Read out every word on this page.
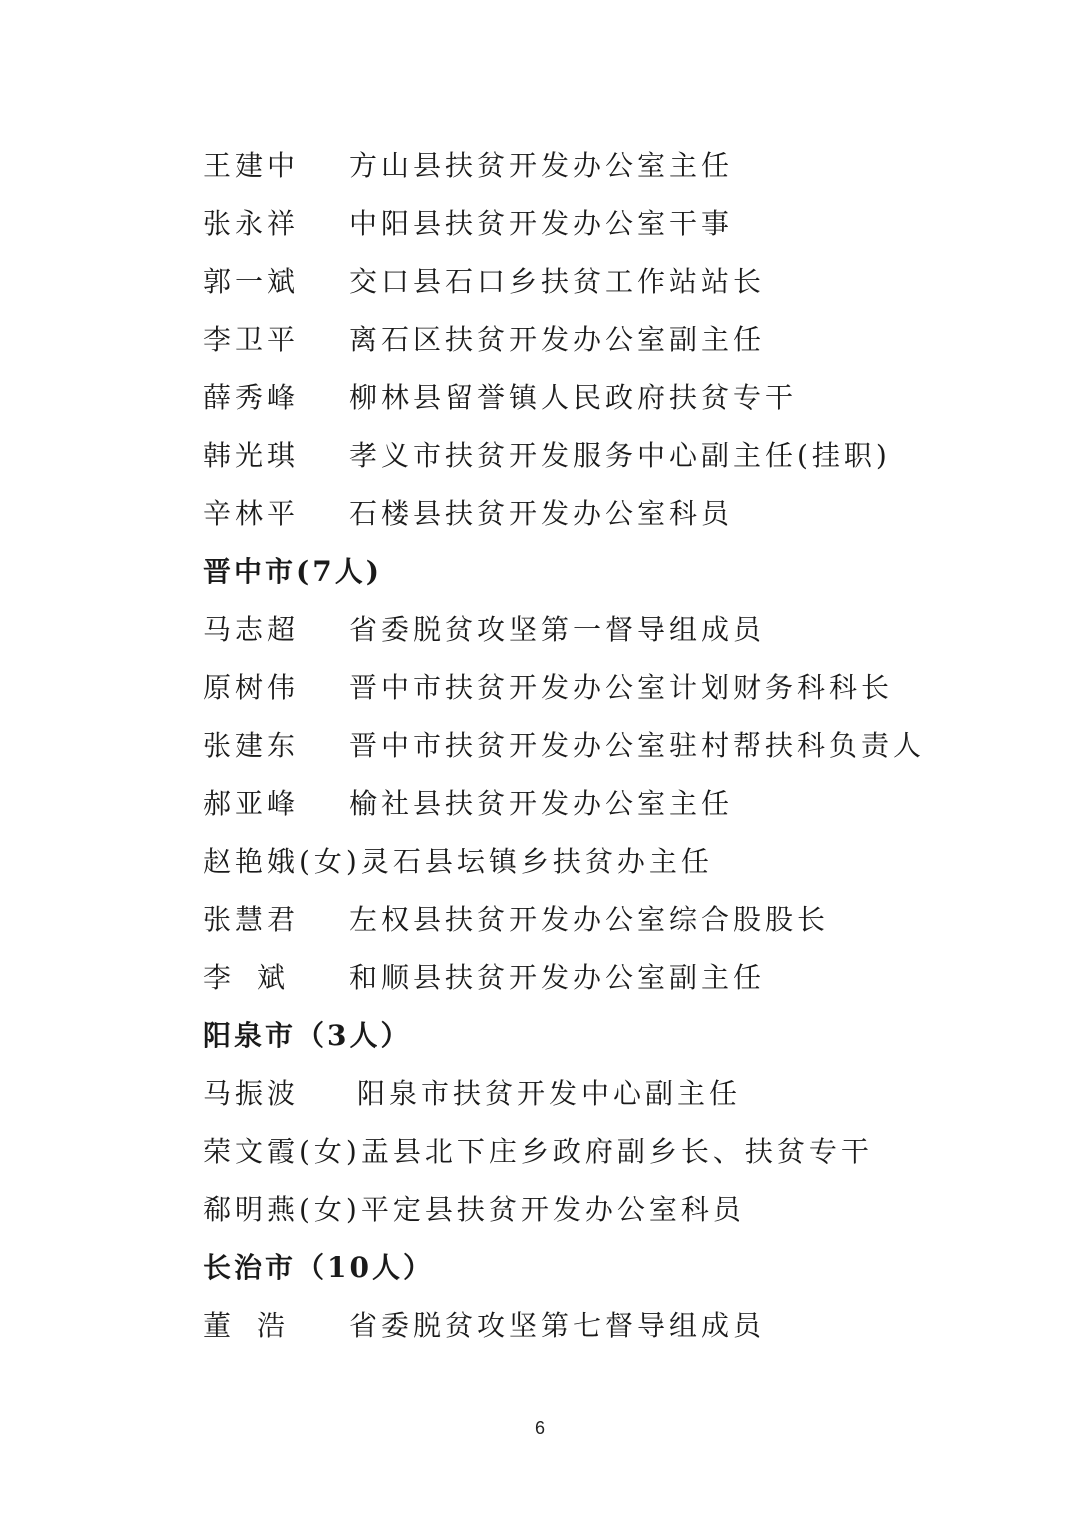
王建中 方山县扶贫开发办公室主任
张永祥 中阳县扶贫开发办公室干事
郭一斌 交口县石口乡扶贫工作站站长
李卫平 离石区扶贫开发办公室副主任
薛秀峰 柳林县留誉镇人民政府扶贫专干
韩光琪 孝义市扶贫开发服务中心副主任(挂职)
辛林平 石楼县扶贫开发办公室科员
晋中市(7人)
马志超 省委脱贫攻坚第一督导组成员
原树伟 晋中市扶贫开发办公室计划财务科科长
张建东 晋中市扶贫开发办公室驻村帮扶科负责人
郝亚峰 榆社县扶贫开发办公室主任
赵艳娥(女)灵石县坛镇乡扶贫办主任
张慧君 左权县扶贫开发办公室综合股股长
李斌 和顺县扶贫开发办公室副主任
阳泉市（3人）
马振波 阳泉市扶贫开发中心副主任
荣文霞(女)盂县北下庄乡政府副乡长、扶贫专干
郗明燕(女)平定县扶贫开发办公室科员
长治市（10人）
董浩 省委脱贫攻坚第七督导组成员
6
